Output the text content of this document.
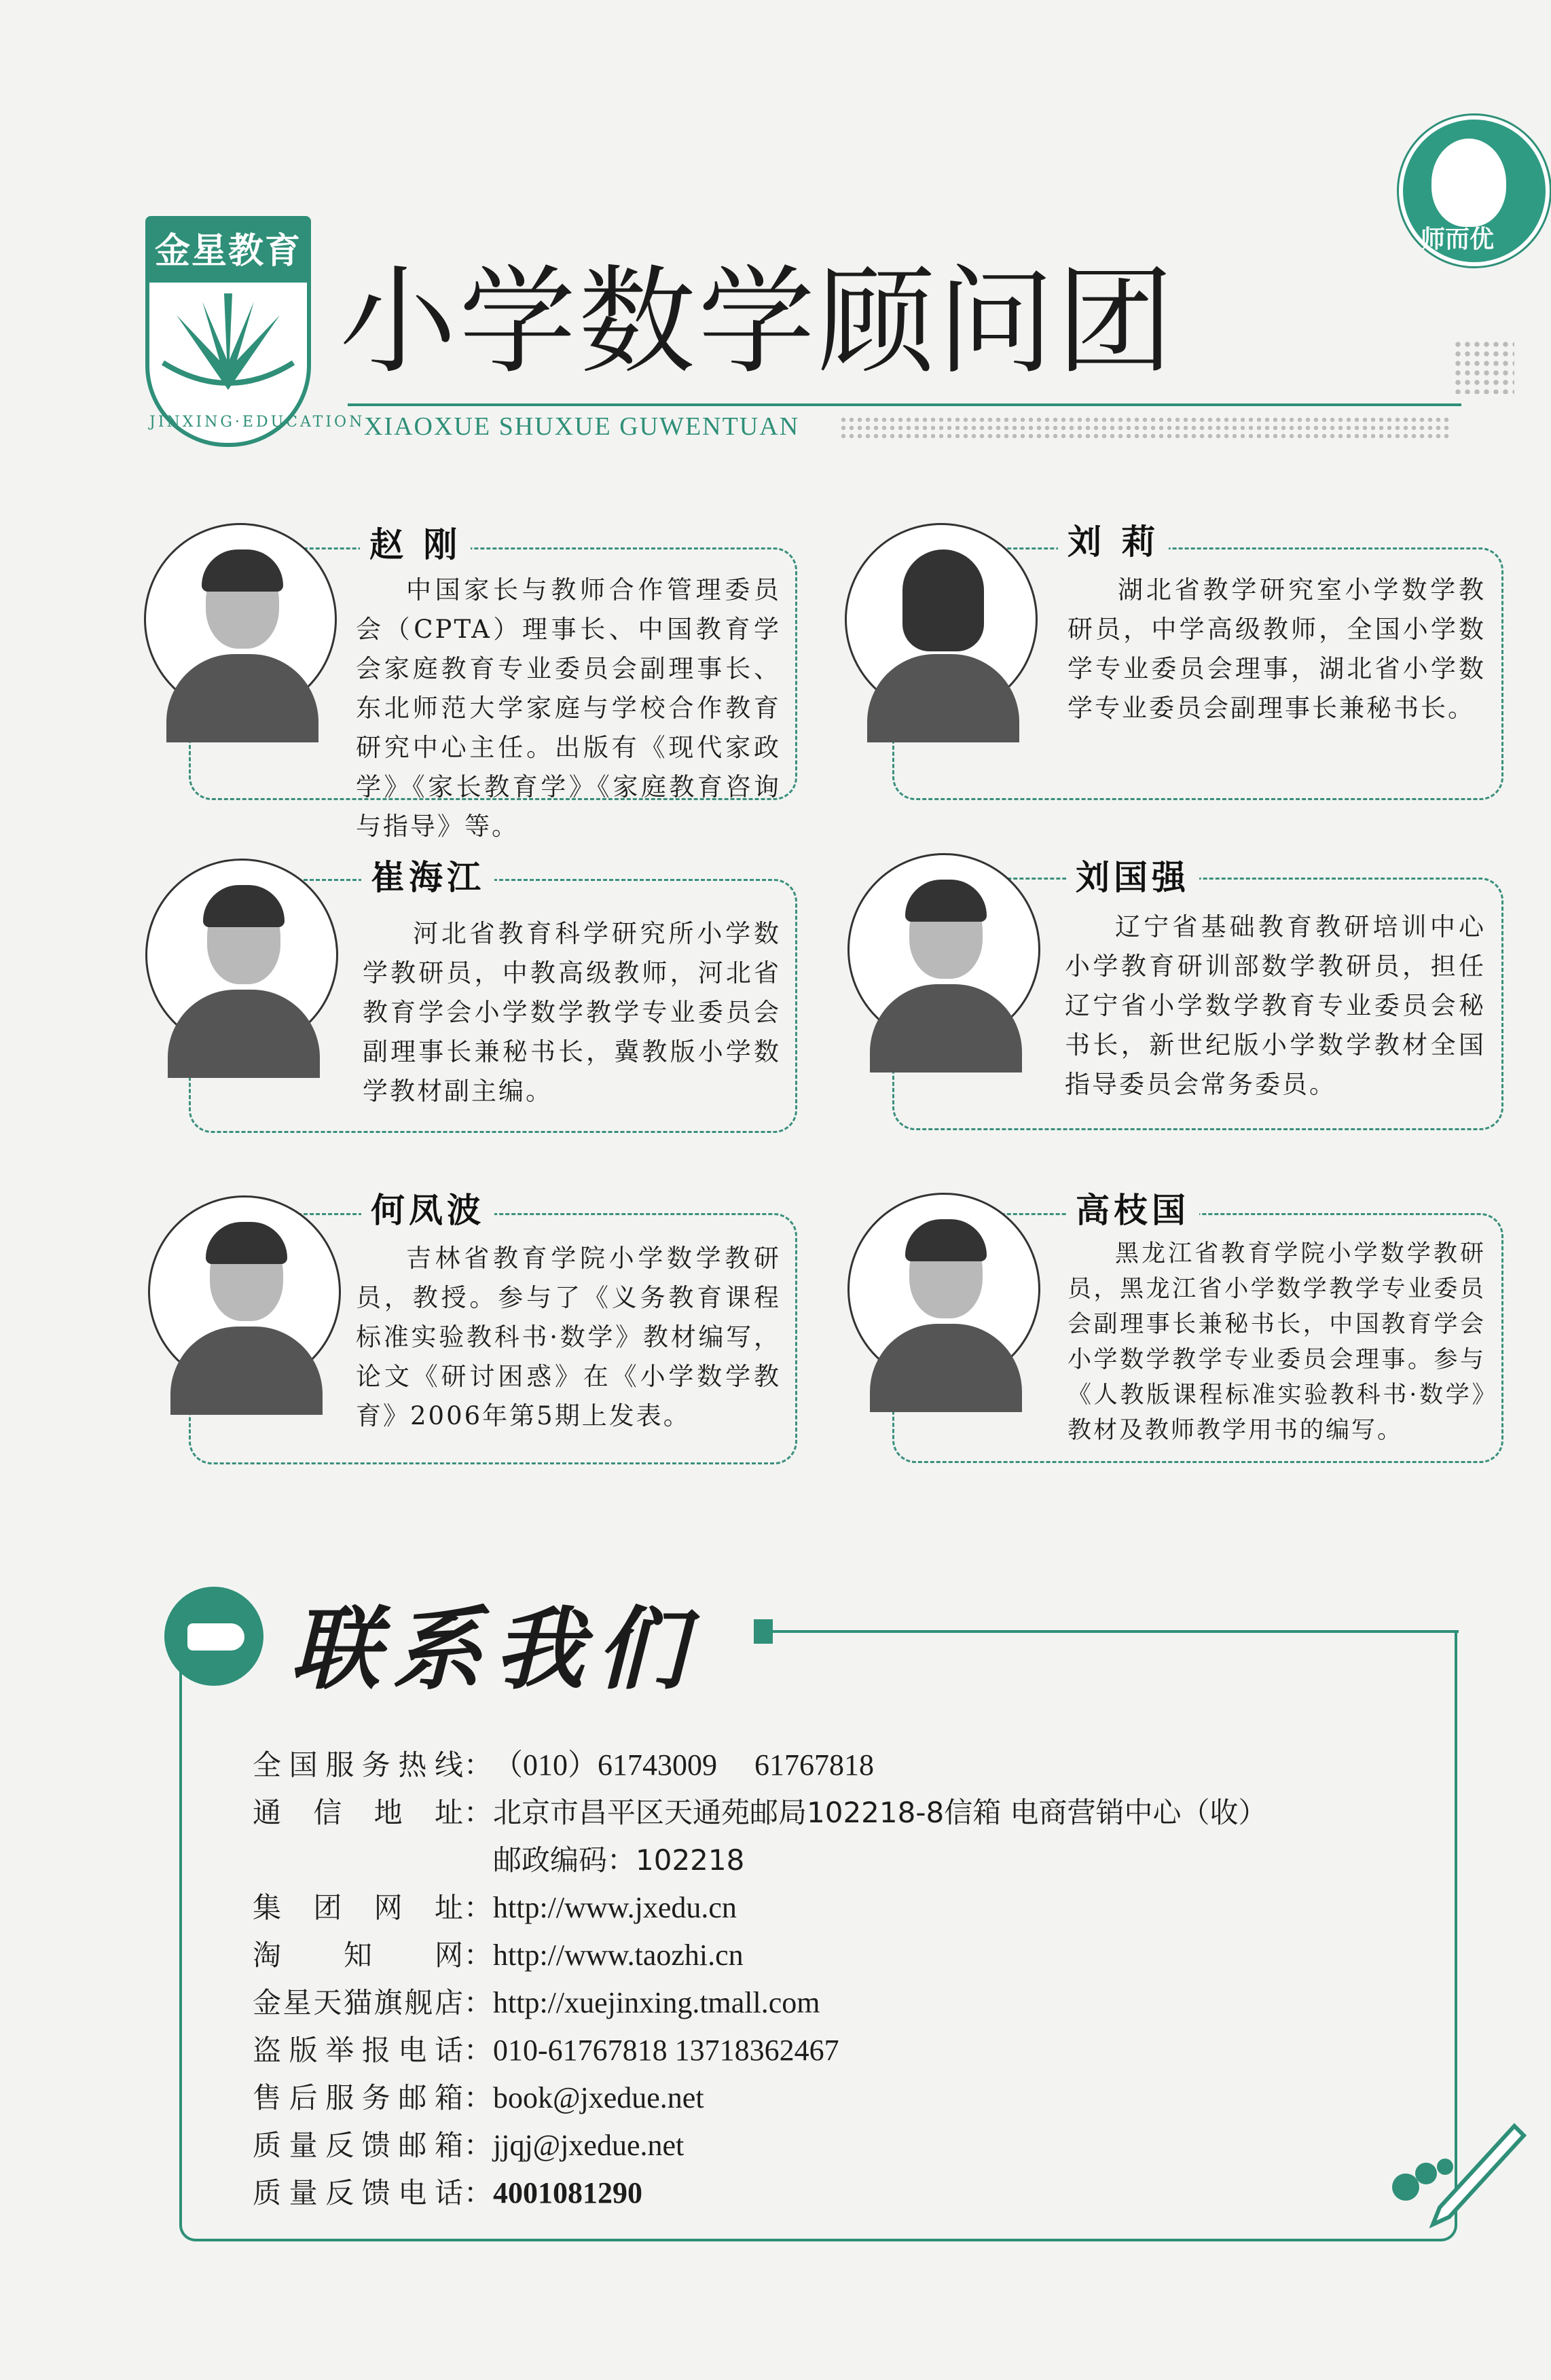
师而优
金星教育
JINXING·EDUCATION
小学数学顾问团
XIAOXUE SHUXUE GUWENTUAN
赵 刚
中国家长与教师合作管理委员会（CPTA）理事长、中国教育学会家庭教育专业委员会副理事长、东北师范大学家庭与学校合作教育研究中心主任。出版有《现代家政学》《家长教育学》《家庭教育咨询与指导》等。
崔海江
河北省教育科学研究所小学数学教研员，中教高级教师，河北省教育学会小学数学教学专业委员会副理事长兼秘书长，冀教版小学数学教材副主编。
何凤波
吉林省教育学院小学数学教研员，教授。参与了《义务教育课程标准实验教科书·数学》教材编写，论文《研讨困惑》在《小学数学教育》2006年第5期上发表。
刘 莉
湖北省教学研究室小学数学教研员，中学高级教师，全国小学数学专业委员会理事，湖北省小学数学专业委员会副理事长兼秘书长。
刘国强
辽宁省基础教育教研培训中心小学教育研训部数学教研员，担任辽宁省小学数学教育专业委员会秘书长，新世纪版小学数学教材全国指导委员会常务委员。
高枝国
黑龙江省教育学院小学数学教研员，黑龙江省小学数学教学专业委员会副理事长兼秘书长，中国教育学会小学数学教学专业委员会理事。参与《人教版课程标准实验教科书·数学》教材及教师教学用书的编写。
联系我们
全国服务热线：（010）61743009　 61767818
通 信 地 址：北京市昌平区天通苑邮局102218-8信箱 电商营销中心（收）
邮政编码：102218
集 团 网 址：http://www.jxedu.cn
淘　知　网：http://www.taozhi.cn
金星天猫旗舰店：http://xuejinxing.tmall.com
盗版举报电话：010-61767818 13718362467
售后服务邮箱：book@jxedue.net
质量反馈邮箱：jjqj@jxedue.net
质量反馈电话：4001081290
